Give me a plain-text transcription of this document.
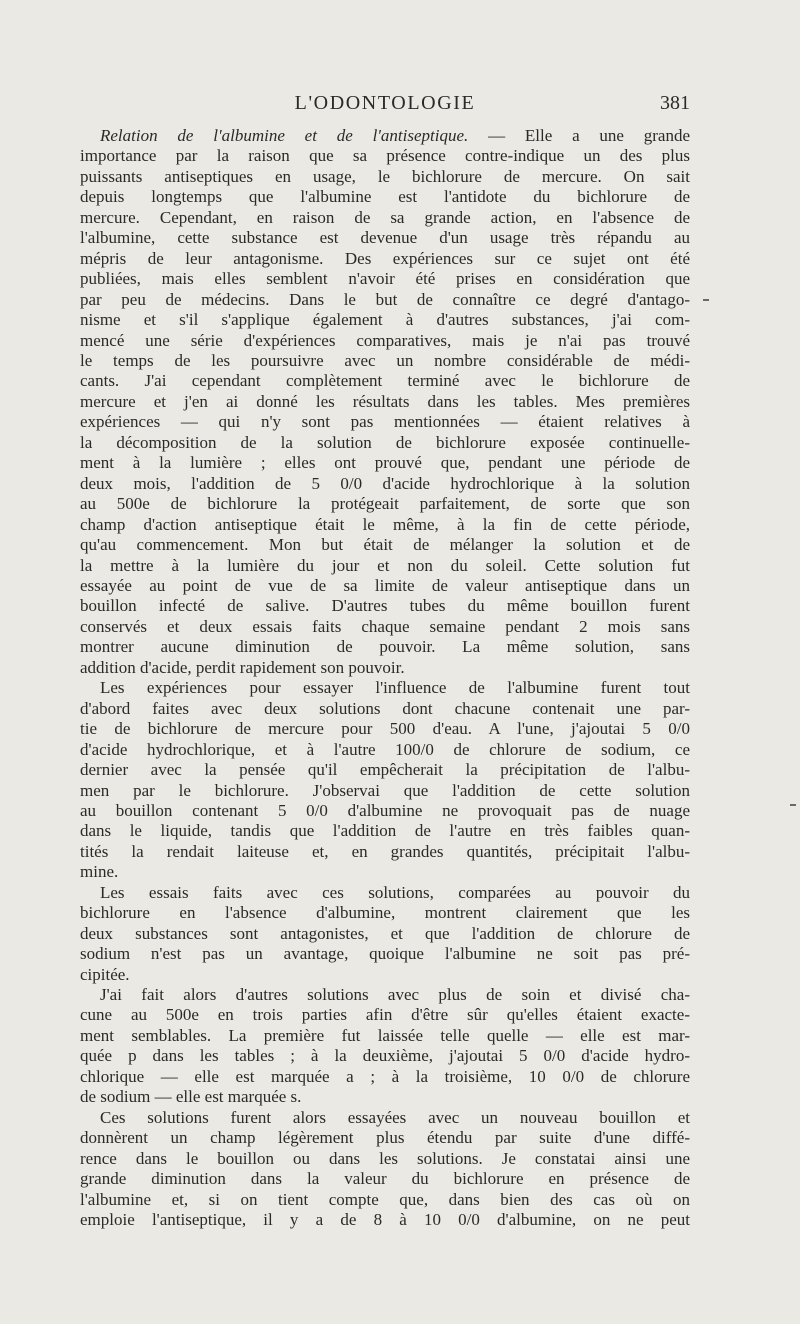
L'ODONTOLOGIE	381
Relation de l'albumine et de l'antiseptique. — Elle a une grande
importance par la raison que sa présence contre-indique un des plus
puissants antiseptiques en usage, le bichlorure de mercure. On sait
depuis longtemps que l'albumine est l'antidote du bichlorure de
mercure. Cependant, en raison de sa grande action, en l'absence de
l'albumine, cette substance est devenue d'un usage très répandu au
mépris de leur antagonisme. Des expériences sur ce sujet ont été
publiées, mais elles semblent n'avoir été prises en considération que
par peu de médecins. Dans le but de connaître ce degré d'antago-
nisme et s'il s'applique également à d'autres substances, j'ai com-
mencé une série d'expériences comparatives, mais je n'ai pas trouvé
le temps de les poursuivre avec un nombre considérable de médi-
cants. J'ai cependant complètement terminé avec le bichlorure de
mercure et j'en ai donné les résultats dans les tables. Mes premières
expériences — qui n'y sont pas mentionnées — étaient relatives à
la décomposition de la solution de bichlorure exposée continuelle-
ment à la lumière ; elles ont prouvé que, pendant une période de
deux mois, l'addition de 5 0/0 d'acide hydrochlorique à la solution
au 500e de bichlorure la protégeait parfaitement, de sorte que son
champ d'action antiseptique était le même, à la fin de cette période,
qu'au commencement. Mon but était de mélanger la solution et de
la mettre à la lumière du jour et non du soleil. Cette solution fut
essayée au point de vue de sa limite de valeur antiseptique dans un
bouillon infecté de salive. D'autres tubes du même bouillon furent
conservés et deux essais faits chaque semaine pendant 2 mois sans
montrer aucune diminution de pouvoir. La même solution, sans
addition d'acide, perdit rapidement son pouvoir.
Les expériences pour essayer l'influence de l'albumine furent tout
d'abord faites avec deux solutions dont chacune contenait une par-
tie de bichlorure de mercure pour 500 d'eau. A l'une, j'ajoutai 5 0/0
d'acide hydrochlorique, et à l'autre 100/0 de chlorure de sodium, ce
dernier avec la pensée qu'il empêcherait la précipitation de l'albu-
men par le bichlorure. J'observai que l'addition de cette solution
au bouillon contenant 5 0/0 d'albumine ne provoquait pas de nuage
dans le liquide, tandis que l'addition de l'autre en très faibles quan-
tités la rendait laiteuse et, en grandes quantités, précipitait l'albu-
mine.
Les essais faits avec ces solutions, comparées au pouvoir du
bichlorure en l'absence d'albumine, montrent clairement que les
deux substances sont antagonistes, et que l'addition de chlorure de
sodium n'est pas un avantage, quoique l'albumine ne soit pas pré-
cipitée.
J'ai fait alors d'autres solutions avec plus de soin et divisé cha-
cune au 500e en trois parties afin d'être sûr qu'elles étaient exacte-
ment semblables. La première fut laissée telle quelle — elle est mar-
quée p dans les tables ; à la deuxième, j'ajoutai 5 0/0 d'acide hydro-
chlorique — elle est marquée a ; à la troisième, 10 0/0 de chlorure
de sodium — elle est marquée s.
Ces solutions furent alors essayées avec un nouveau bouillon et
donnèrent un champ légèrement plus étendu par suite d'une diffé-
rence dans le bouillon ou dans les solutions. Je constatai ainsi une
grande diminution dans la valeur du bichlorure en présence de
l'albumine et, si on tient compte que, dans bien des cas où on
emploie l'antiseptique, il y a de 8 à 10 0/0 d'albumine, on ne peut
